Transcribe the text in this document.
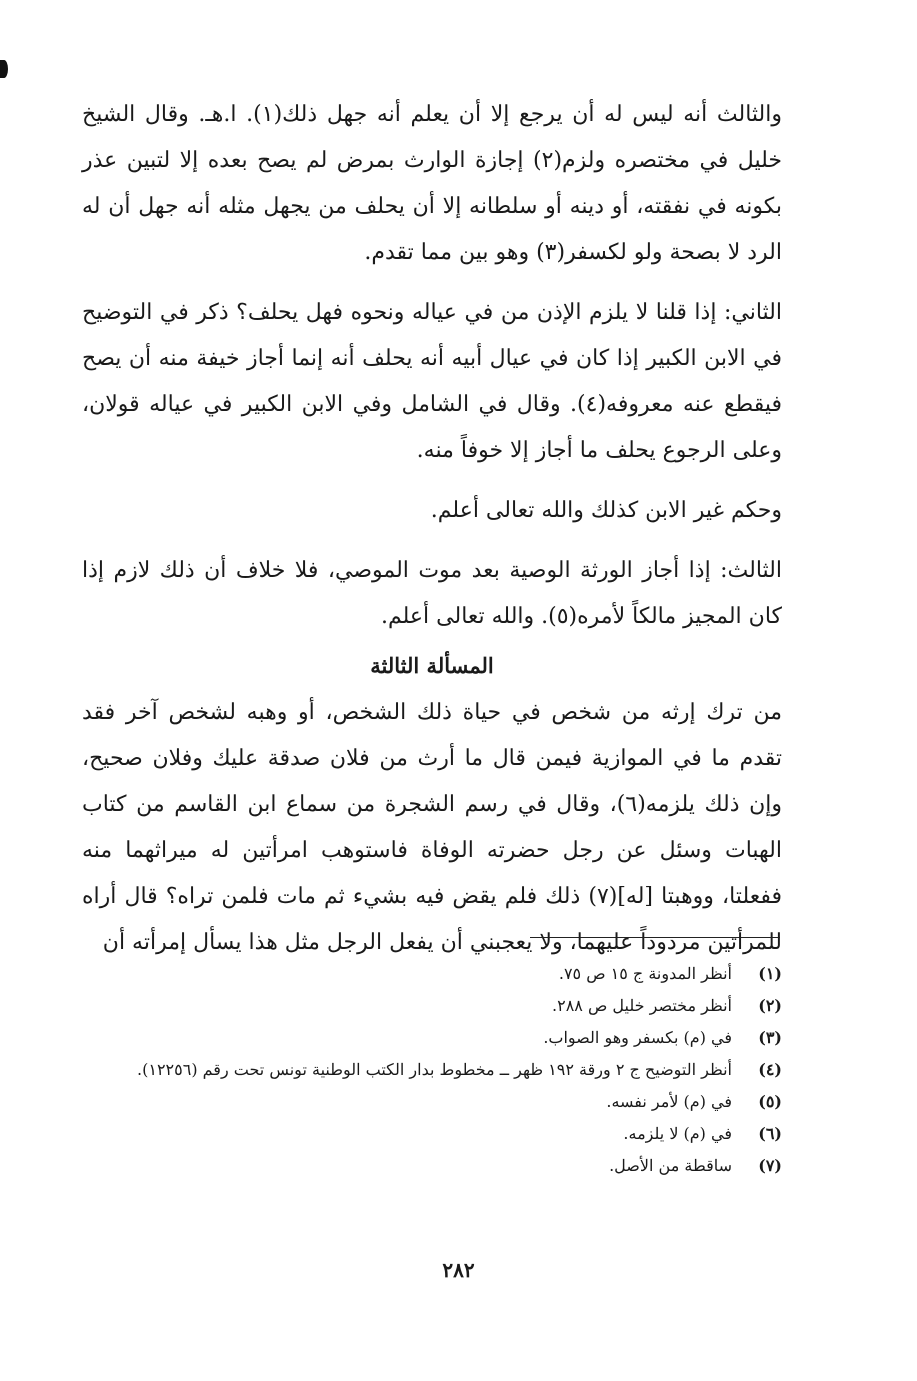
والثالث أنه ليس له أن يرجع إلا أن يعلم أنه جهل ذلك(١). ا.هـ. وقال الشيخ خليل في مختصره ولزم(٢) إجازة الوارث بمرض لم يصح بعده إلا لتبين عذر بكونه في نفقته، أو دينه أو سلطانه إلا أن يحلف من يجهل مثله أنه جهل أن له الرد لا بصحة ولو لكسفر(٣) وهو بين مما تقدم.

الثاني: إذا قلنا لا يلزم الإذن من في عياله ونحوه فهل يحلف؟ ذكر في التوضيح في الابن الكبير إذا كان في عيال أبيه أنه يحلف أنه إنما أجاز خيفة منه أن يصح فيقطع عنه معروفه(٤). وقال في الشامل وفي الابن الكبير في عياله قولان، وعلى الرجوع يحلف ما أجاز إلا خوفاً منه.

وحكم غير الابن كذلك والله تعالى أعلم.

الثالث: إذا أجاز الورثة الوصية بعد موت الموصي، فلا خلاف أن ذلك لازم إذا كان المجيز مالكاً لأمره(٥). والله تعالى أعلم.

المسألة الثالثة

من ترك إرثه من شخص في حياة ذلك الشخص، أو وهبه لشخص آخر فقد تقدم ما في الموازية فيمن قال ما أرث من فلان صدقة عليك وفلان صحيح، وإن ذلك يلزمه(٦)، وقال في رسم الشجرة من سماع ابن القاسم من كتاب الهبات وسئل عن رجل حضرته الوفاة فاستوهب امرأتين له ميراثهما منه ففعلتا، ووهبتا [له](٧) ذلك فلم يقض فيه بشيء ثم مات فلمن تراه؟ قال أراه للمرأتين مردوداً عليهما، ولا يعجبني أن يفعل الرجل مثل هذا يسأل إمرأته أن

(١)
أنظر المدونة ج ١٥ ص ٧٥.
(٢)
أنظر مختصر خليل ص ٢٨٨.
(٣)
في (م) بكسفر وهو الصواب.
(٤)
أنظر التوضيح ج ٢ ورقة ١٩٢ ظهر ــ مخطوط بدار الكتب الوطنية تونس تحت رقم (١٢٢٥٦).
(٥)
في (م) لأمر نفسه.
(٦)
في (م) لا يلزمه.
(٧)
ساقطة من الأصل.
٢٨٢
